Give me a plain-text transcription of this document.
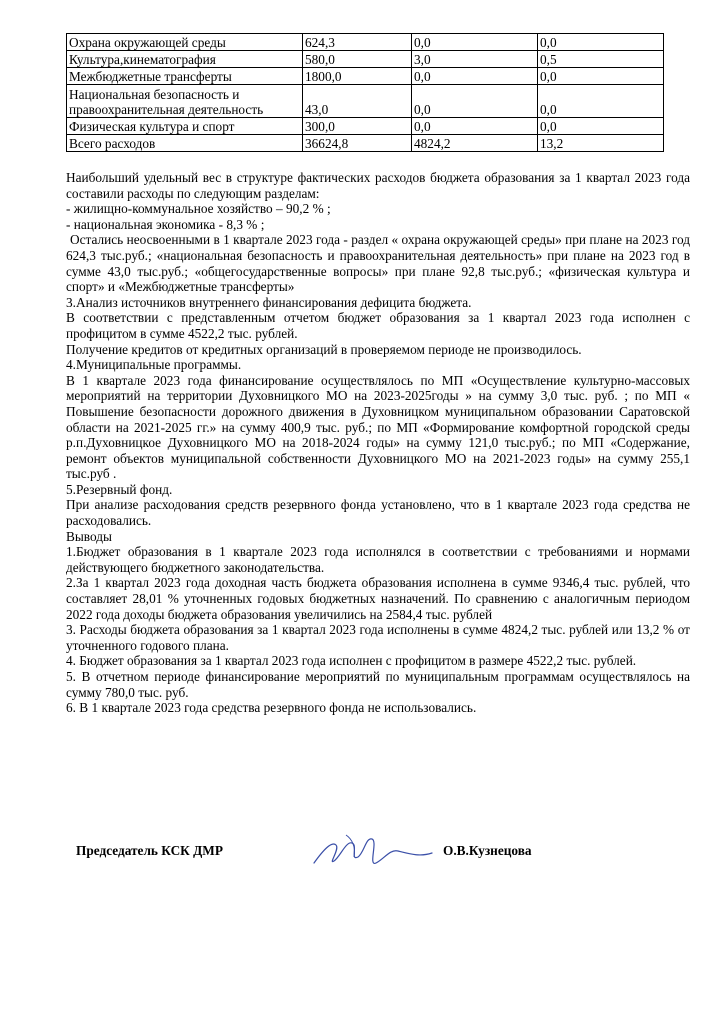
Охрана окружающей среды	624,3	0,0	0,0
Культура,кинематография	580,0	3,0	0,5
Межбюджетные трансферты	1800,0	0,0	0,0
Национальная безопасность и правоохранительная деятельность	43,0	0,0	0,0
Физическая культура и спорт	300,0	0,0	0,0
Всего расходов	36624,8	4824,2	13,2

Наибольший удельный вес в структуре фактических расходов бюджета образования за 1 квартал 2023 года составили расходы по следующим разделам:

- жилищно-коммунальное хозяйство – 90,2 % ;

- национальная экономика - 8,3 % ;

Остались неосвоенными в 1 квартале 2023 года - раздел « охрана окружающей среды» при плане на 2023 год 624,3 тыс.руб.; «национальная безопасность и правоохранительная деятельность» при плане на 2023 год в сумме 43,0 тыс.руб.; «общегосударственные вопросы» при плане 92,8 тыс.руб.; «физическая культура и спорт» и «Межбюджетные трансферты»

3.Анализ источников внутреннего финансирования дефицита бюджета.

В соответствии с представленным отчетом бюджет образования за 1 квартал 2023 года исполнен с профицитом в сумме 4522,2 тыс. рублей.

Получение кредитов от кредитных организаций в проверяемом периоде не производилось.

4.Муниципальные программы.

В 1 квартале 2023 года финансирование осуществлялось по МП «Осуществление культурно-массовых мероприятий на территории Духовницкого МО на 2023-2025годы » на сумму 3,0 тыс. руб. ; по МП « Повышение безопасности дорожного движения в Духовницком муниципальном образовании Саратовской области на 2021-2025 гг.» на сумму 400,9 тыс. руб.; по МП «Формирование комфортной городской среды р.п.Духовницкое Духовницкого МО на 2018-2024 годы» на сумму 121,0 тыс.руб.; по МП «Содержание, ремонт объектов муниципальной собственности Духовницкого МО на 2021-2023 годы» на сумму 255,1 тыс.руб .

5.Резервный фонд.

При анализе расходования средств резервного фонда установлено, что в 1 квартале 2023 года средства не расходовались.

Выводы

1.Бюджет образования в 1 квартале 2023 года исполнялся в соответствии с требованиями и нормами действующего бюджетного законодательства.

2.За 1 квартал 2023 года доходная часть бюджета образования исполнена в сумме 9346,4 тыс. рублей, что составляет 28,01 % уточненных годовых бюджетных назначений. По сравнению с аналогичным периодом 2022 года доходы бюджета образования увеличились на 2584,4 тыс. рублей

3. Расходы бюджета образования за 1 квартал 2023 года исполнены в сумме 4824,2 тыс. рублей или 13,2 % от уточненного годового плана.

4. Бюджет образования за 1 квартал 2023 года исполнен с профицитом в размере 4522,2 тыс. рублей.

5. В отчетном периоде финансирование мероприятий по муниципальным программам осуществлялось на сумму 780,0 тыс. руб.

6. В 1 квартале 2023 года средства резервного фонда не использовались.

Председатель КСК ДМР	О.В.Кузнецова
